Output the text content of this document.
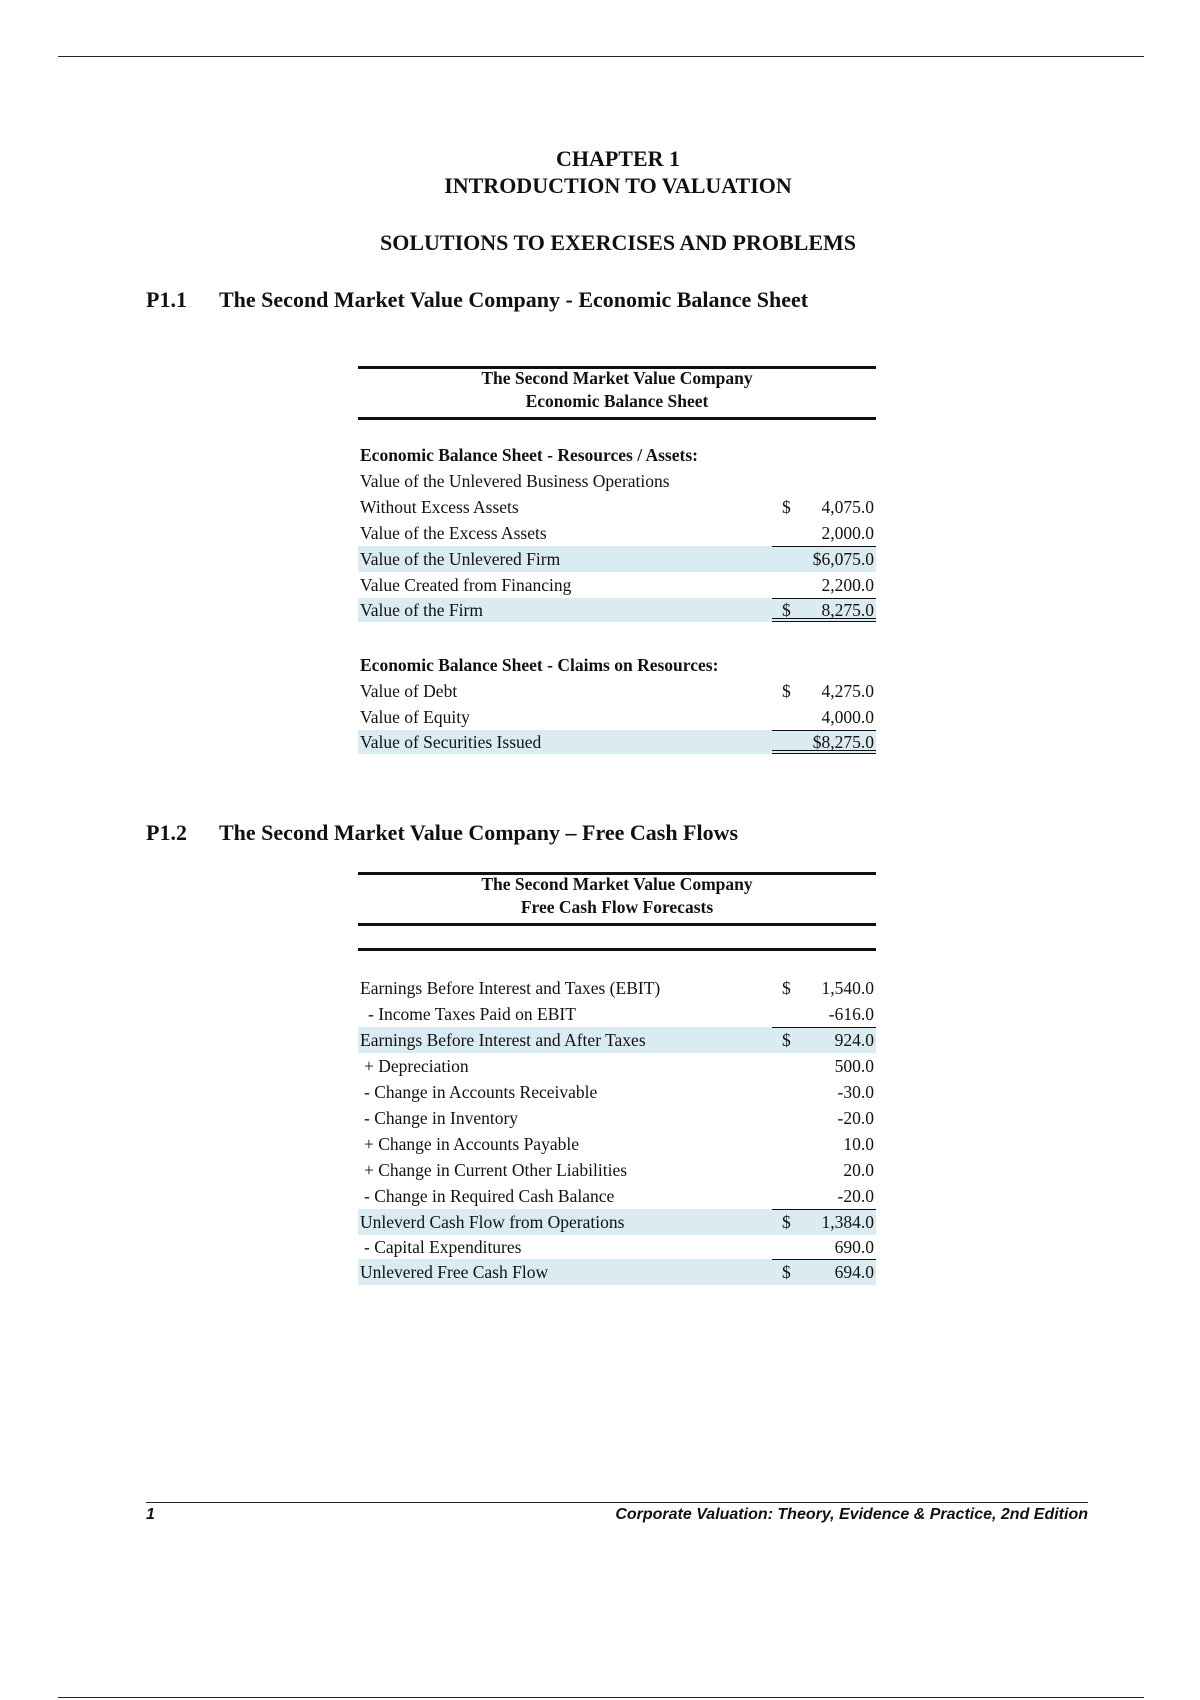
CHAPTER 1
INTRODUCTION TO VALUATION
SOLUTIONS TO EXERCISES AND PROBLEMS
P1.1 The Second Market Value Company - Economic Balance Sheet
The Second Market Value Company
Economic Balance Sheet
Economic Balance Sheet - Resources / Assets:
Value of the Unlevered Business Operations
Without Excess Assets	$ 4,075.0
Value of the Excess Assets	2,000.0
Value of the Unlevered Firm	$6,075.0
Value Created from Financing	2,200.0
Value of the Firm	$ 8,275.0
Economic Balance Sheet - Claims on Resources:
Value of Debt	$ 4,275.0
Value of Equity	4,000.0
Value of Securities Issued	$8,275.0
P1.2 The Second Market Value Company – Free Cash Flows
The Second Market Value Company
Free Cash Flow Forecasts
Earnings Before Interest and Taxes (EBIT)	$ 1,540.0
- Income Taxes Paid on EBIT	-616.0
Earnings Before Interest and After Taxes	$	924.0
+ Depreciation	500.0
- Change in Accounts Receivable	-30.0
- Change in Inventory	-20.0
+ Change in Accounts Payable	10.0
+ Change in Current Other Liabilities	20.0
- Change in Required Cash Balance	-20.0
Unleverd Cash Flow from Operations	$ 1,384.0
- Capital Expenditures	690.0
Unlevered Free Cash Flow	$	694.0
1	Corporate Valuation: Theory, Evidence & Practice, 2nd Edition
